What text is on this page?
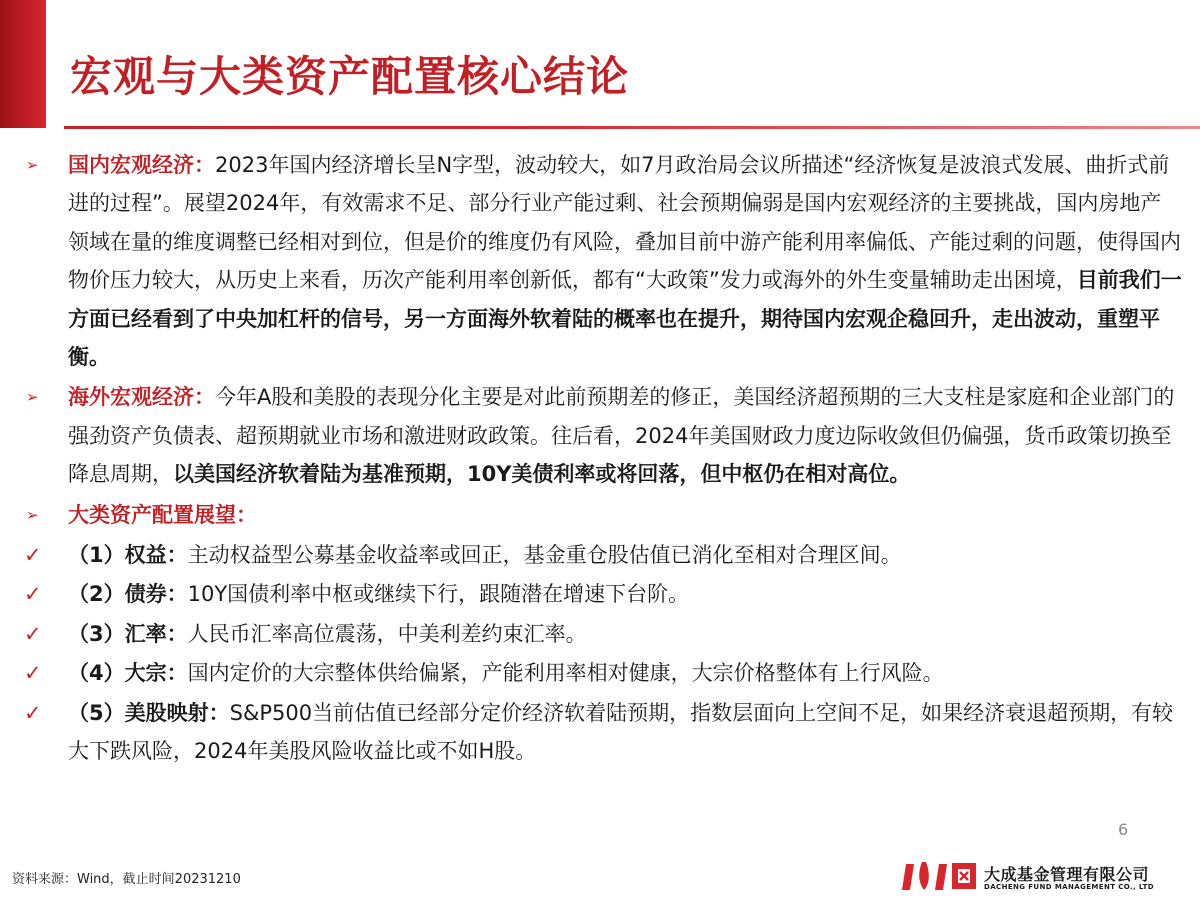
宏观与大类资产配置核心结论

➢ 国内宏观经济：2023年国内经济增长呈N字型，波动较大，如7月政治局会议所描述“经济恢复是波浪式发展、曲折式前进的过程”。展望2024年，有效需求不足、部分行业产能过剩、社会预期偏弱是国内宏观经济的主要挑战，国内房地产领域在量的维度调整已经相对到位，但是价的维度仍有风险，叠加目前中游产能利用率偏低、产能过剩的问题，使得国内物价压力较大，从历史上来看，历次产能利用率创新低，都有“大政策”发力或海外的外生变量辅助走出困境，目前我们一方面已经看到了中央加杠杆的信号，另一方面海外软着陆的概率也在提升，期待国内宏观企稳回升，走出波动，重塑平衡。

➢ 海外宏观经济：今年A股和美股的表现分化主要是对此前预期差的修正，美国经济超预期的三大支柱是家庭和企业部门的强劲资产负债表、超预期就业市场和激进财政政策。往后看，2024年美国财政力度边际收敛但仍偏强，货币政策切换至降息周期，以美国经济软着陆为基准预期，10Y美债利率或将回落，但中枢仍在相对高位。

➢ 大类资产配置展望：

✓ （1）权益：主动权益型公募基金收益率或回正，基金重仓股估值已消化至相对合理区间。

✓ （2）债券：10Y国债利率中枢或继续下行，跟随潜在增速下台阶。

✓ （3）汇率：人民币汇率高位震荡，中美利差约束汇率。

✓ （4）大宗：国内定价的大宗整体供给偏紧，产能利用率相对健康，大宗价格整体有上行风险。

✓ （5）美股映射：S&P500当前估值已经部分定价经济软着陆预期，指数层面向上空间不足，如果经济衰退超预期，有较大下跌风险，2024年美股风险收益比或不如H股。

6
资料来源：Wind，截止时间20231210	大成基金管理有限公司
DACHENG FUND MANAGEMENT CO., LTD
